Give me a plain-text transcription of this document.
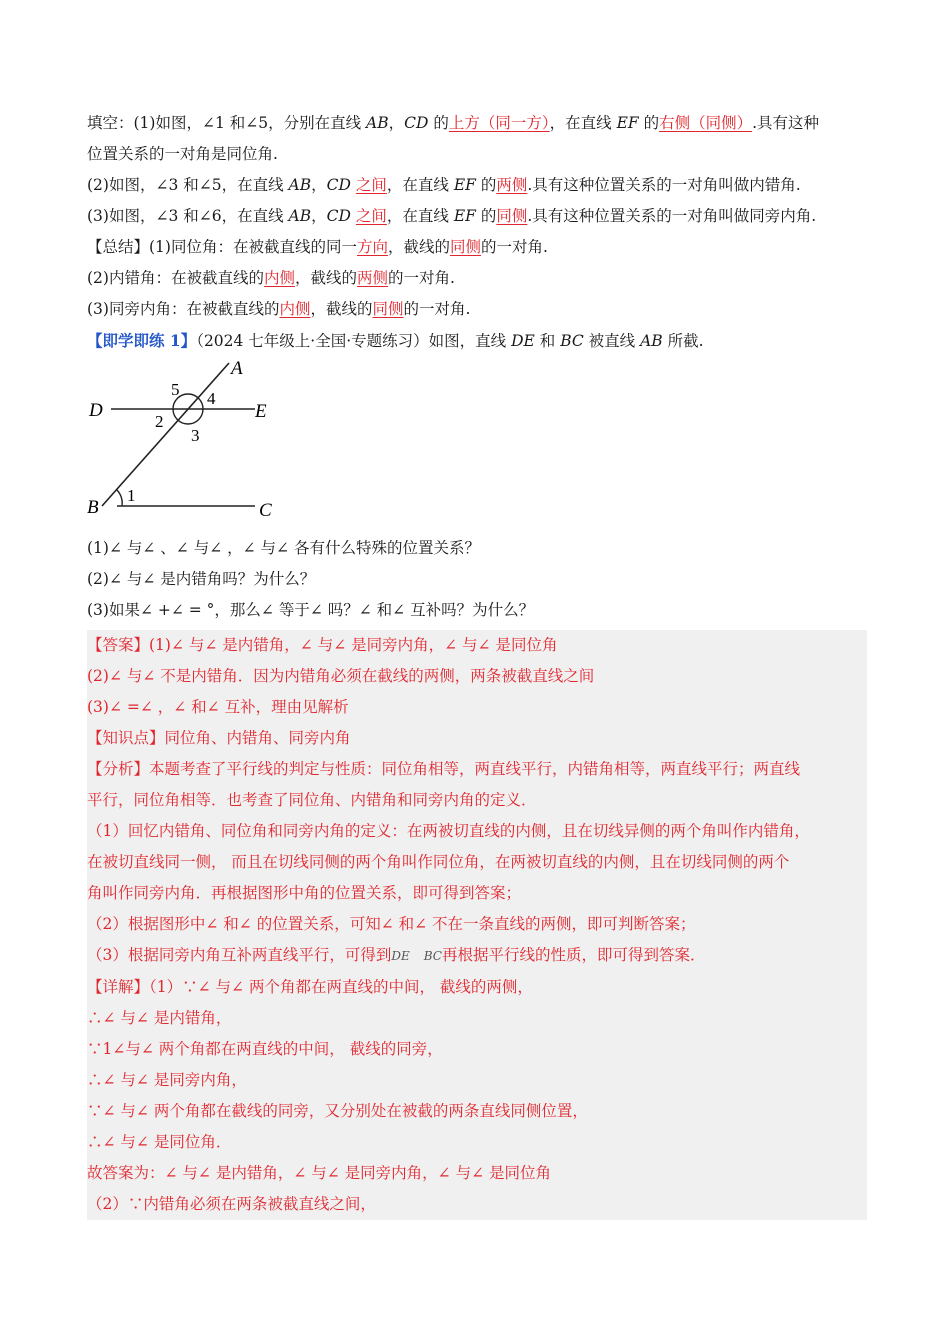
填空：(1)如图，∠1 和∠5，分别在直线 AB，CD 的上方（同一方），在直线 EF 的右侧（同侧）.具有这种
位置关系的一对角是同位角.
(2)如图，∠3 和∠5，在直线 AB，CD 之间，在直线 EF 的两侧.具有这种位置关系的一对角叫做内错角.
(3)如图，∠3 和∠6，在直线 AB，CD 之间，在直线 EF 的同侧.具有这种位置关系的一对角叫做同旁内角.
【总结】(1)同位角：在被截直线的同一方向，截线的同侧的一对角.
(2)内错角：在被截直线的内侧，截线的两侧的一对角.
(3)同旁内角：在被截直线的内侧，截线的同侧的一对角.
【即学即练 1】（2024 七年级上·全国·专题练习）如图，直线 DE 和 BC 被直线 AB 所截.
A
D	E
B	C
5 4
2
3
1
(1)∠ 与∠ 、∠ 与∠ ，∠ 与∠ 各有什么特殊的位置关系？
(2)∠ 与∠ 是内错角吗？为什么？
(3)如果∠ +∠ = °，那么∠ 等于∠ 吗？∠ 和∠ 互补吗？为什么？
【答案】(1)∠ 与∠ 是内错角，∠ 与∠ 是同旁内角，∠ 与∠ 是同位角
(2)∠ 与∠ 不是内错角．因为内错角必须在截线的两侧，两条被截直线之间
(3)∠ =∠ ，∠ 和∠ 互补，理由见解析
【知识点】同位角、内错角、同旁内角
【分析】本题考查了平行线的判定与性质：同位角相等，两直线平行，内错角相等，两直线平行；两直线
平行，同位角相等．也考查了同位角、内错角和同旁内角的定义．
（1）回忆内错角、同位角和同旁内角的定义：在两被切直线的内侧，且在切线异侧的两个角叫作内错角，
在被切直线同一侧， 而且在切线同侧的两个角叫作同位角，在两被切直线的内侧，且在切线同侧的两个
角叫作同旁内角．再根据图形中角的位置关系，即可得到答案；
（2）根据图形中∠ 和∠ 的位置关系，可知∠ 和∠ 不在一条直线的两侧，即可判断答案；
（3）根据同旁内角互补两直线平行，可得到DE BC再根据平行线的性质，即可得到答案．
【详解】（1）∵∠ 与∠ 两个角都在两直线的中间， 截线的两侧，
∴∠ 与∠ 是内错角，
∵1∠与∠ 两个角都在两直线的中间， 截线的同旁，
∴∠ 与∠ 是同旁内角，
∵∠ 与∠ 两个角都在截线的同旁，又分别处在被截的两条直线同侧位置，
∴∠ 与∠ 是同位角．
故答案为：∠ 与∠ 是内错角，∠ 与∠ 是同旁内角，∠ 与∠ 是同位角
（2）∵内错角必须在两条被截直线之间，
